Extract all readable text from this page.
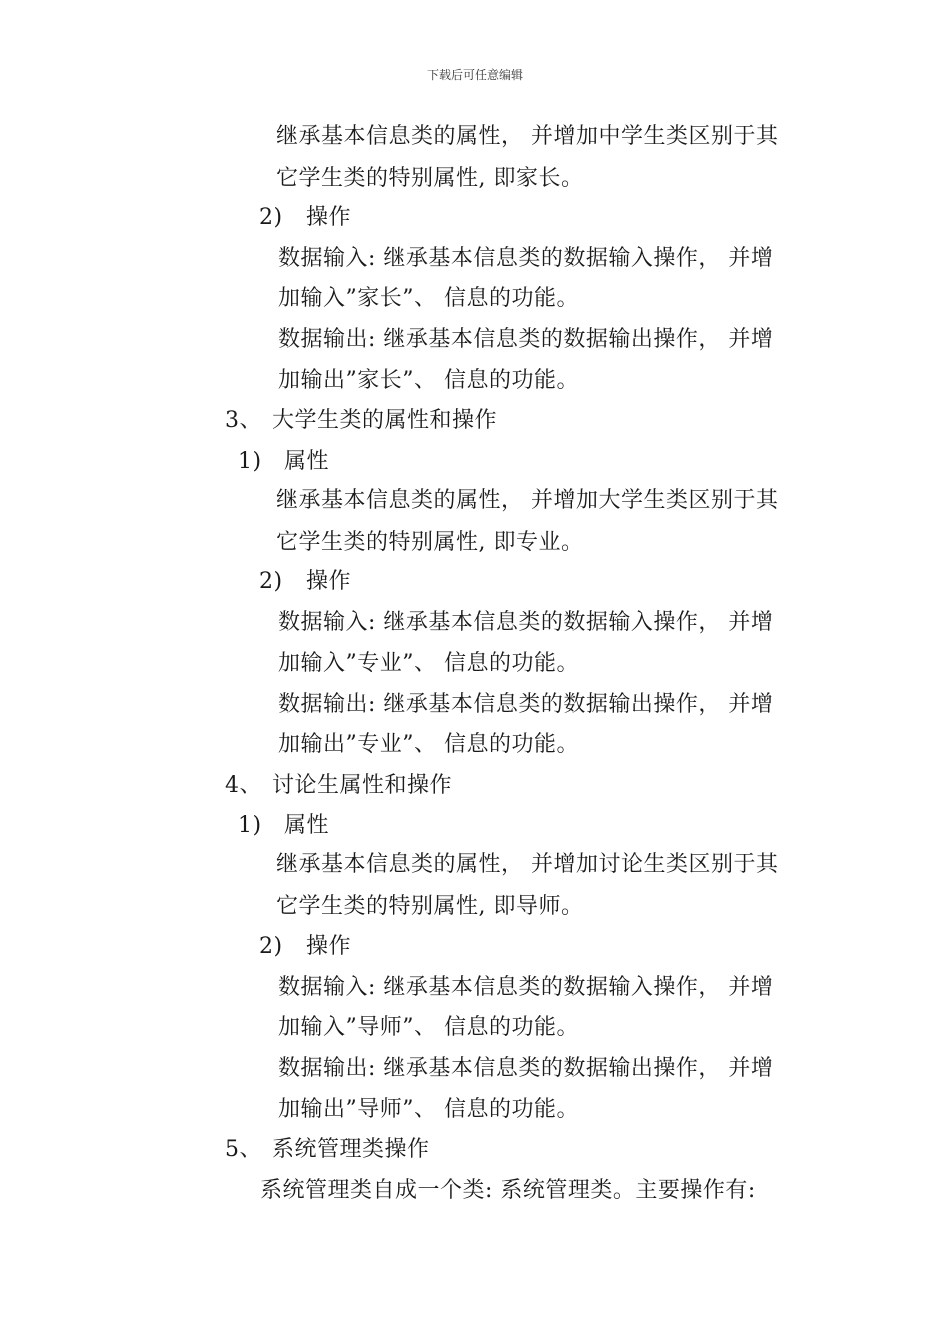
下载后可任意编辑
继承基本信息类的属性， 并增加中学生类区别于其
它学生类的特别属性, 即家长。
2) 操作
数据输入: 继承基本信息类的数据输入操作， 并增
加输入”家长”、 信息的功能。
数据输出: 继承基本信息类的数据输出操作， 并增
加输出”家长”、 信息的功能。
3、 大学生类的属性和操作
1) 属性
继承基本信息类的属性， 并增加大学生类区别于其
它学生类的特别属性, 即专业。
2) 操作
数据输入: 继承基本信息类的数据输入操作， 并增
加输入”专业”、 信息的功能。
数据输出: 继承基本信息类的数据输出操作， 并增
加输出”专业”、 信息的功能。
4、 讨论生属性和操作
1) 属性
继承基本信息类的属性， 并增加讨论生类区别于其
它学生类的特别属性, 即导师。
2) 操作
数据输入: 继承基本信息类的数据输入操作， 并增
加输入”导师”、 信息的功能。
数据输出: 继承基本信息类的数据输出操作， 并增
加输出”导师”、 信息的功能。
5、 系统管理类操作
系统管理类自成一个类: 系统管理类。主要操作有:
